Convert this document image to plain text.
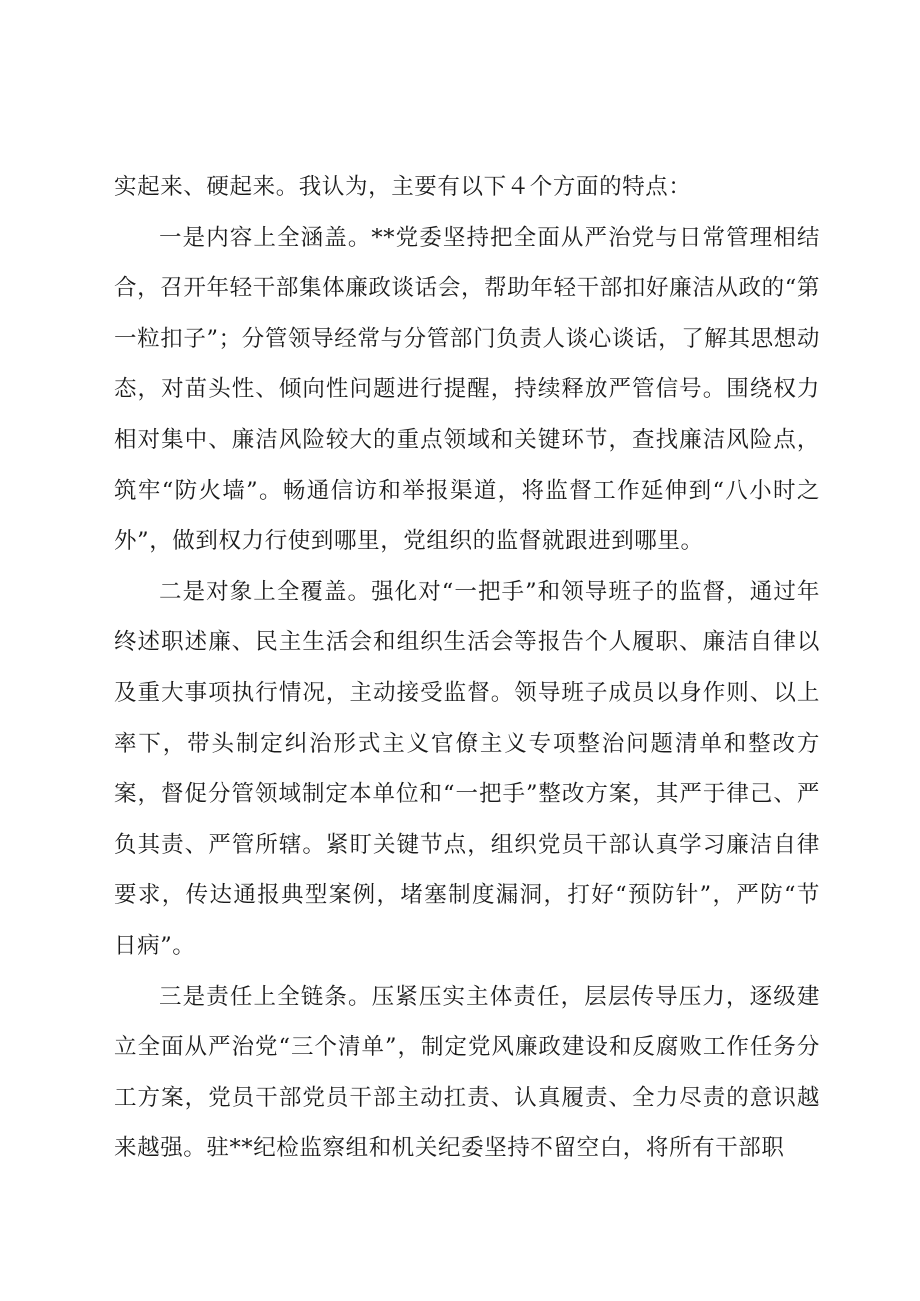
实起来、硬起来。我认为，主要有以下４个方面的特点：

一是内容上全涵盖。**党委坚持把全面从严治党与日常管理相结合，召开年轻干部集体廉政谈话会，帮助年轻干部扣好廉洁从政的“第一粒扣子”；分管领导经常与分管部门负责人谈心谈话，了解其思想动态，对苗头性、倾向性问题进行提醒，持续释放严管信号。围绕权力相对集中、廉洁风险较大的重点领域和关键环节，查找廉洁风险点，筑牢“防火墙”。畅通信访和举报渠道，将监督工作延伸到“八小时之外”，做到权力行使到哪里，党组织的监督就跟进到哪里。

二是对象上全覆盖。强化对“一把手”和领导班子的监督，通过年终述职述廉、民主生活会和组织生活会等报告个人履职、廉洁自律以及重大事项执行情况，主动接受监督。领导班子成员以身作则、以上率下，带头制定纠治形式主义官僚主义专项整治问题清单和整改方案，督促分管领域制定本单位和“一把手”整改方案，其严于律己、严负其责、严管所辖。紧盯关键节点，组织党员干部认真学习廉洁自律要求，传达通报典型案例，堵塞制度漏洞，打好“预防针”，严防“节日病”。

三是责任上全链条。压紧压实主体责任，层层传导压力，逐级建立全面从严治党“三个清单”，制定党风廉政建设和反腐败工作任务分工方案，党员干部党员干部主动扛责、认真履责、全力尽责的意识越来越强。驻**纪检监察组和机关纪委坚持不留空白，将所有干部职
